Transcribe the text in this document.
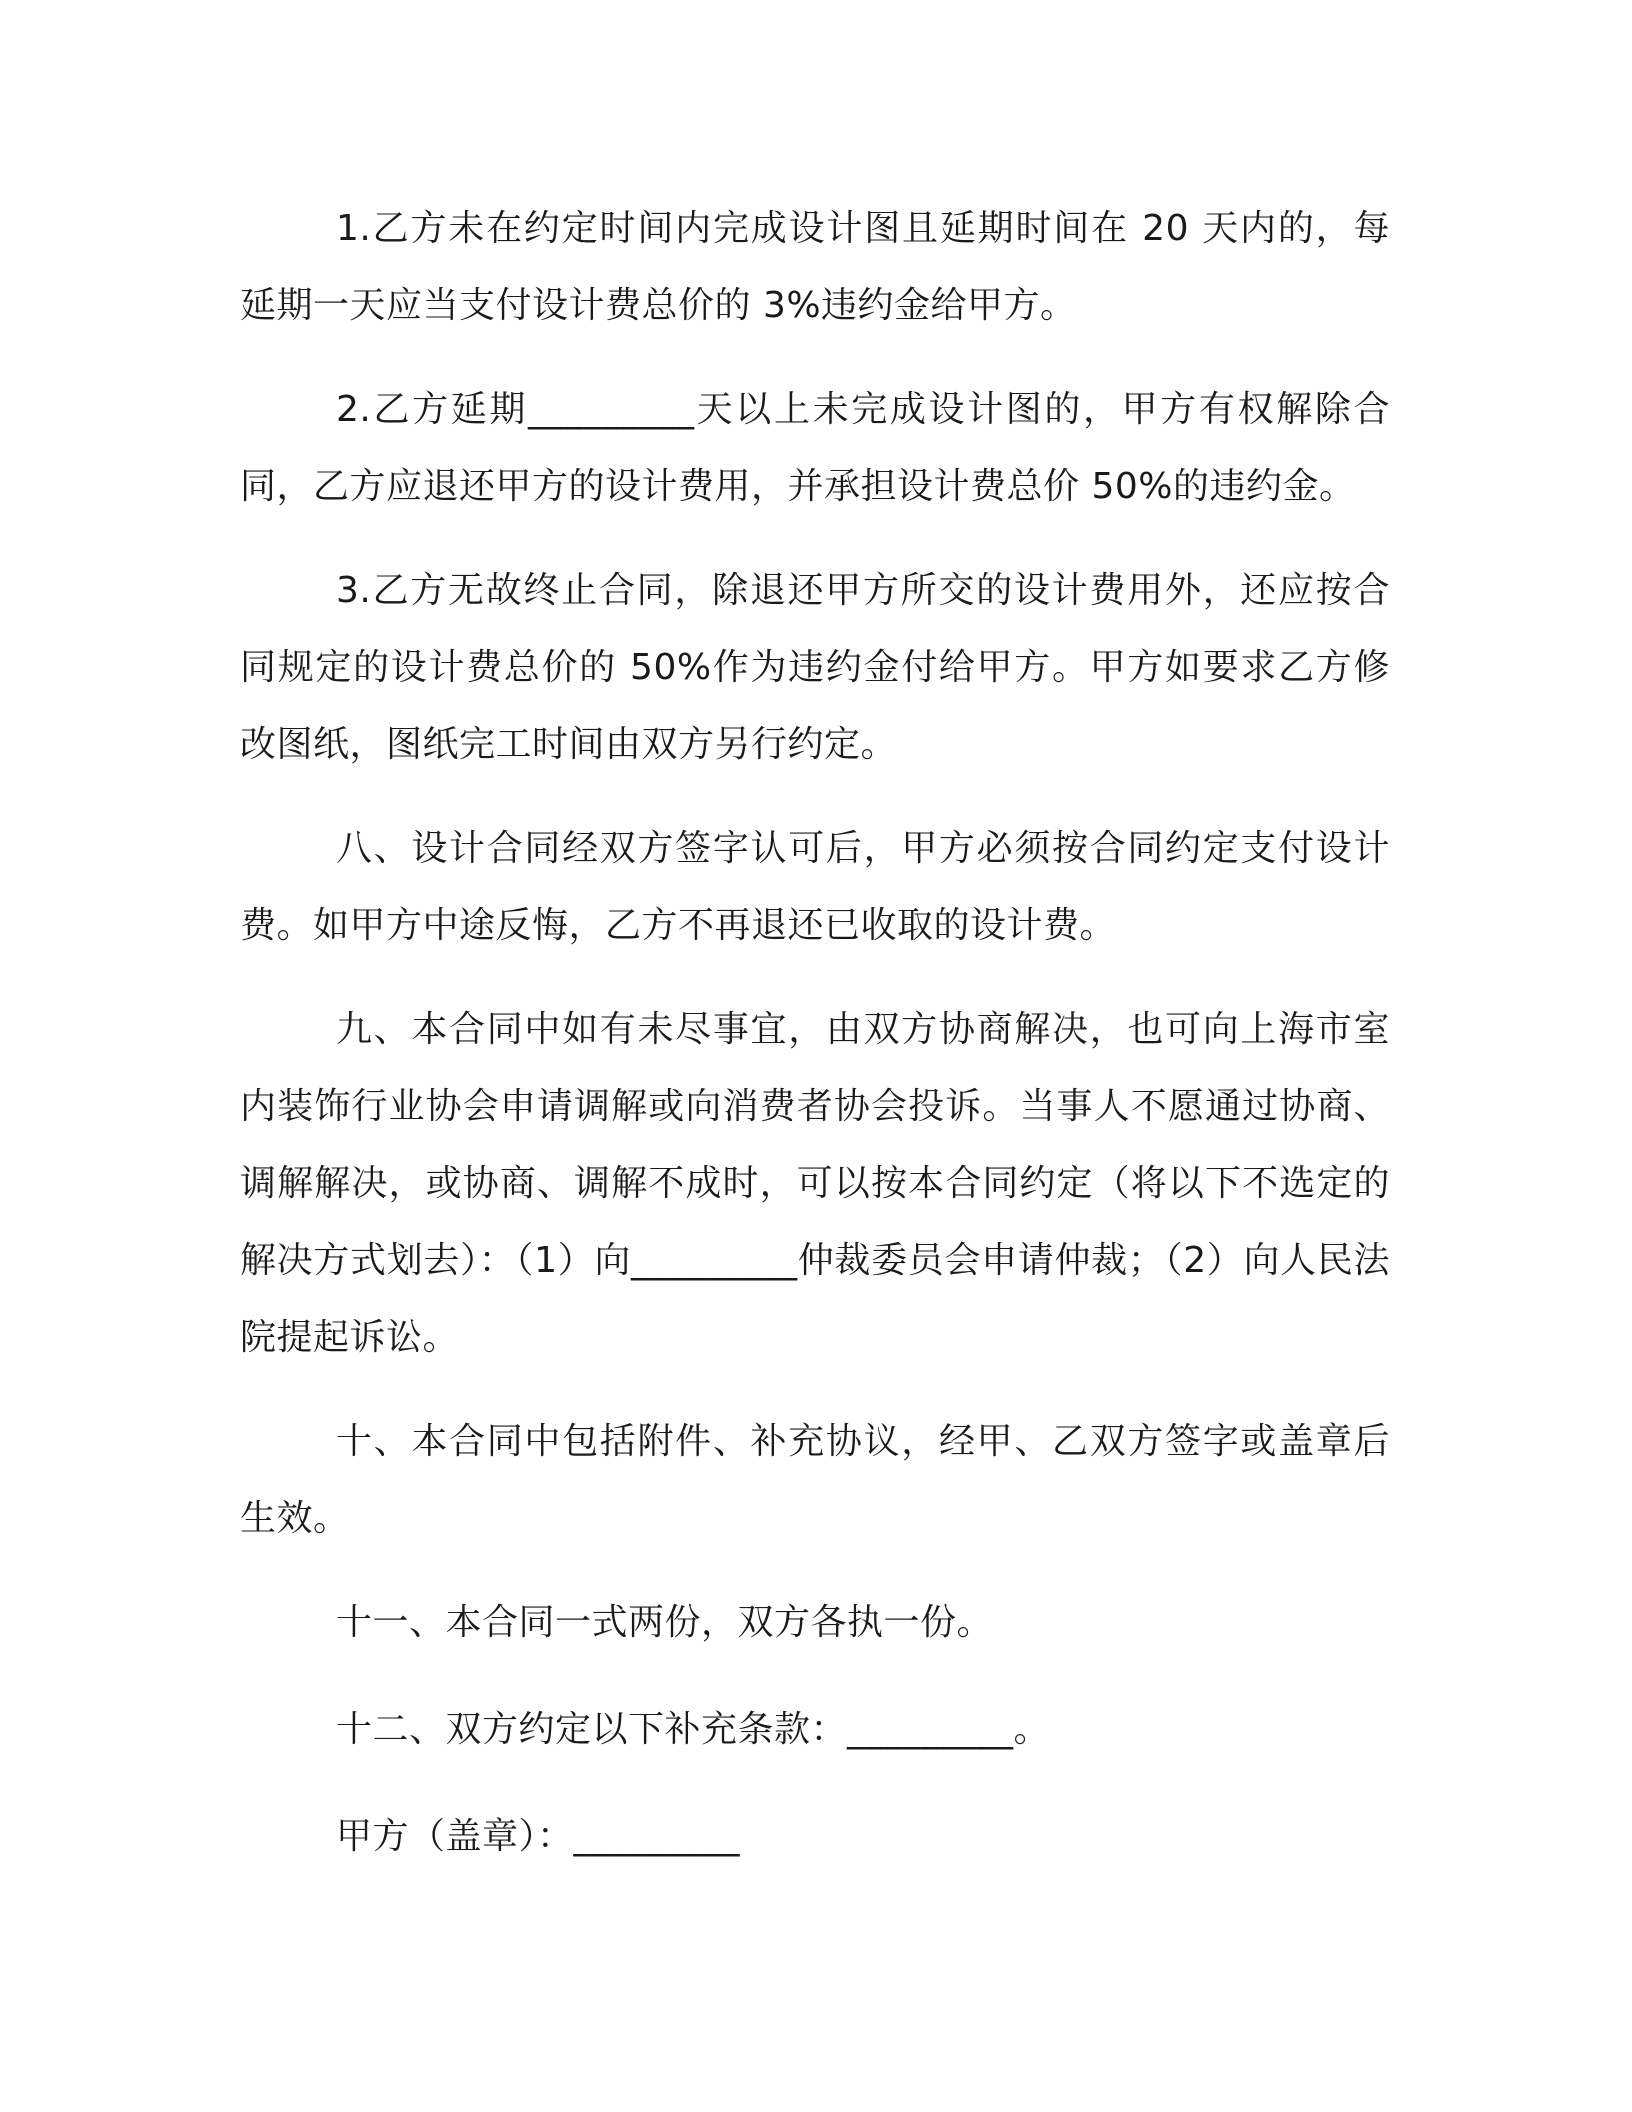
1.乙方未在约定时间内完成设计图且延期时间在 20 天内的，每延期一天应当支付设计费总价的 3%违约金给甲方。

2.乙方延期_________天以上未完成设计图的，甲方有权解除合同，乙方应退还甲方的设计费用，并承担设计费总价 50%的违约金。

3.乙方无故终止合同，除退还甲方所交的设计费用外，还应按合同规定的设计费总价的 50%作为违约金付给甲方。甲方如要求乙方修改图纸，图纸完工时间由双方另行约定。

八、设计合同经双方签字认可后，甲方必须按合同约定支付设计费。如甲方中途反悔，乙方不再退还已收取的设计费。

九、本合同中如有未尽事宜，由双方协商解决，也可向上海市室内装饰行业协会申请调解或向消费者协会投诉。当事人不愿通过协商、调解解决，或协商、调解不成时，可以按本合同约定（将以下不选定的解决方式划去）：（1）向_________仲裁委员会申请仲裁；（2）向人民法院提起诉讼。

十、本合同中包括附件、补充协议，经甲、乙双方签字或盖章后生效。

十一、本合同一式两份，双方各执一份。

十二、双方约定以下补充条款：_________。

甲方（盖章）：_________
